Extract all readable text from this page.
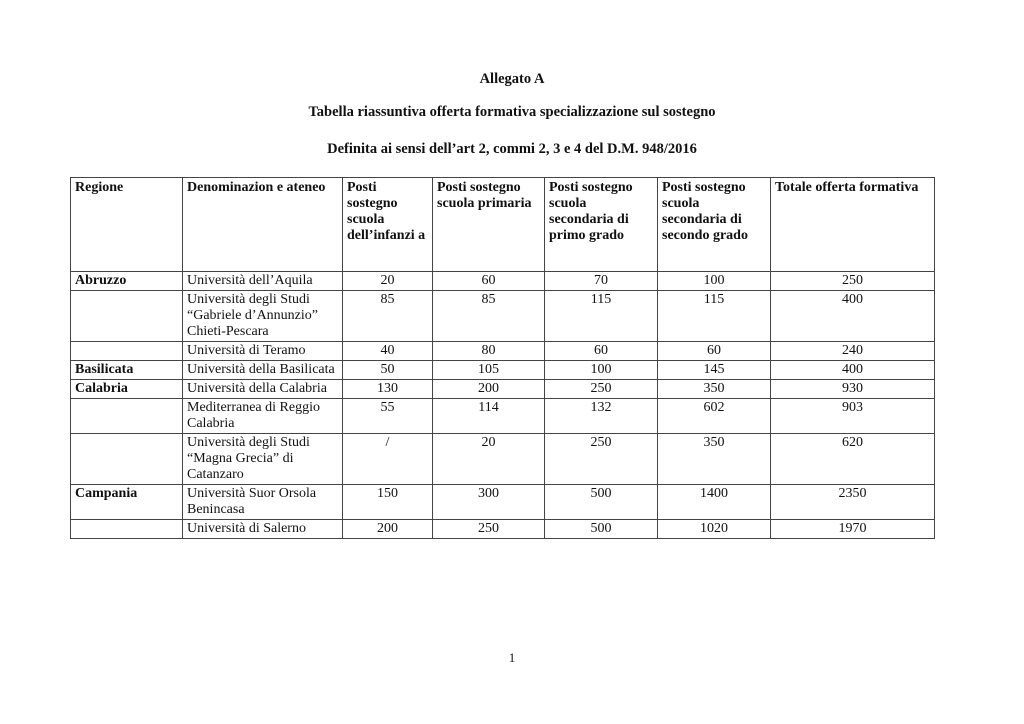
Allegato A
Tabella riassuntiva offerta formativa specializzazione sul sostegno
Definita ai sensi dell’art 2, commi 2, 3 e 4 del D.M. 948/2016
Regione	Denominazion e ateneo	Posti sostegno scuola dell’infanzi a	Posti sostegno scuola primaria	Posti sostegno scuola secondaria di primo grado	Posti sostegno scuola secondaria di secondo grado	Totale offerta formativa
Abruzzo	Università dell’Aquila	20	60	70	100	250
	Università degli Studi “Gabriele d’Annunzio” Chieti-Pescara	85	85	115	115	400
	Università di Teramo	40	80	60	60	240
Basilicata	Università della Basilicata	50	105	100	145	400
Calabria	Università della Calabria	130	200	250	350	930
	Mediterranea di Reggio Calabria	55	114	132	602	903
	Università degli Studi “Magna Grecia” di Catanzaro	/	20	250	350	620
Campania	Università Suor Orsola Benincasa	150	300	500	1400	2350
	Università di Salerno	200	250	500	1020	1970
1
